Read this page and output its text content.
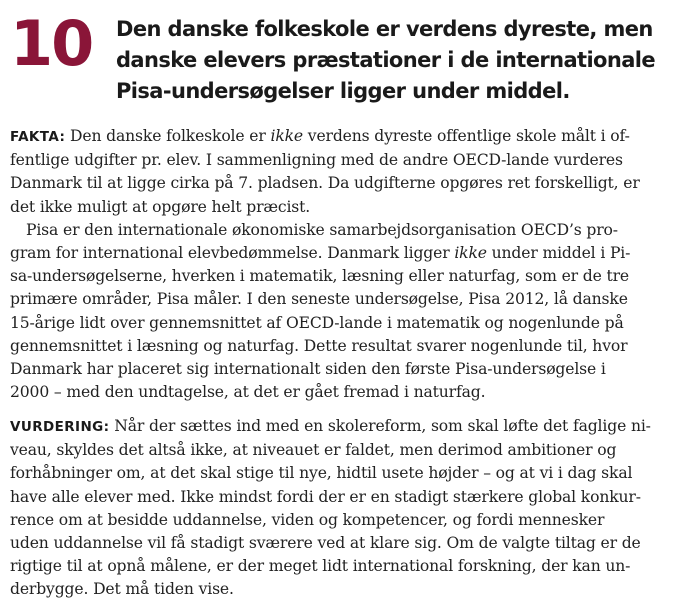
10 Den danske folkeskole er verdens dyreste, men danske elevers præstationer i de internationale Pisa-undersøgelser ligger under middel.
FAKTA: Den danske folkeskole er ikke verdens dyreste offentlige skole målt i of-
fentlige udgifter pr. elev. I sammenligning med de andre OECD-lande vurderes
Danmark til at ligge cirka på 7. pladsen. Da udgifterne opgøres ret forskelligt, er
det ikke muligt at opgøre helt præcist.
Pisa er den internationale økonomiske samarbejdsorganisation OECD’s pro-
gram for international elevbedømmelse. Danmark ligger ikke under middel i Pi-
sa-undersøgelserne, hverken i matematik, læsning eller naturfag, som er de tre
primære områder, Pisa måler. I den seneste undersøgelse, Pisa 2012, lå danske
15-årige lidt over gennemsnittet af OECD-lande i matematik og nogenlunde på
gennemsnittet i læsning og naturfag. Dette resultat svarer nogenlunde til, hvor
Danmark har placeret sig internationalt siden den første Pisa-undersøgelse i
2000 – med den undtagelse, at det er gået fremad i naturfag.
VURDERING: Når der sættes ind med en skolereform, som skal løfte det faglige ni-
veau, skyldes det altså ikke, at niveauet er faldet, men derimod ambitioner og
forhåbninger om, at det skal stige til nye, hidtil usete højder – og at vi i dag skal
have alle elever med. Ikke mindst fordi der er en stadigt stærkere global konkur-
rence om at besidde uddannelse, viden og kompetencer, og fordi mennesker
uden uddannelse vil få stadigt sværere ved at klare sig. Om de valgte tiltag er de
rigtige til at opnå målene, er der meget lidt international forskning, der kan un-
derbygge. Det må tiden vise.
